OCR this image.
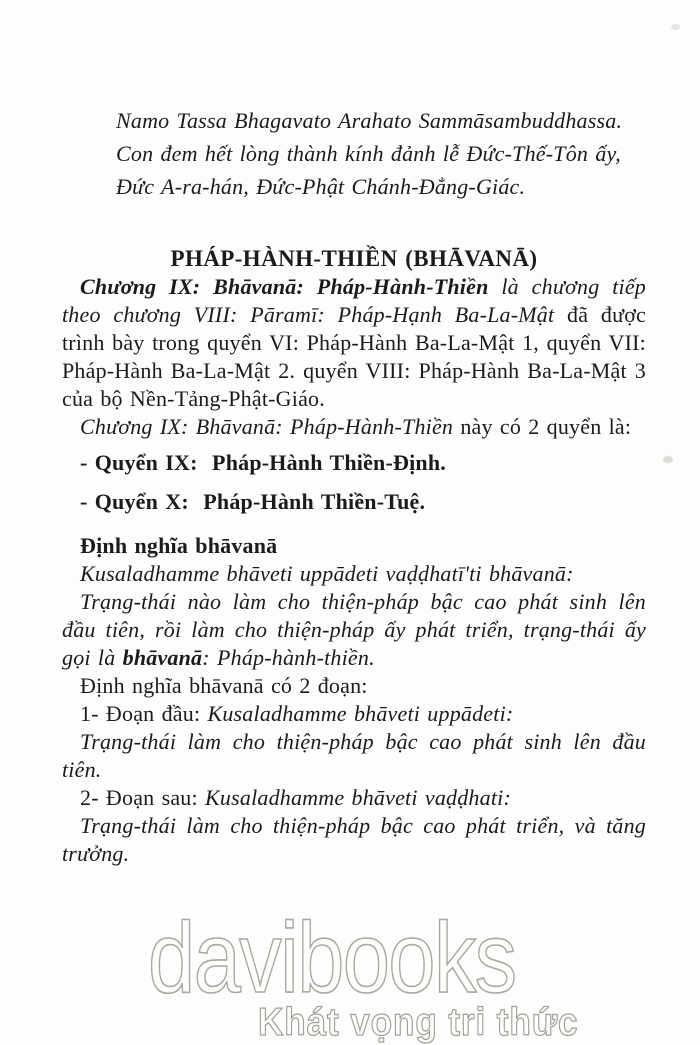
davibooks
Khát vọng tri thức
Namo Tassa Bhagavato Arahato Sammāsambuddhassa.
Con đem hết lòng thành kính đảnh lễ Đức-Thế-Tôn ấy,
Đức A-ra-hán, Đức-Phật Chánh-Đẳng-Giác.
PHÁP-HÀNH-THIỀN (BHĀVANĀ)

Chương IX: Bhāvanā: Pháp-Hành-Thiền là chương tiếp theo chương VIII: Pāramī: Pháp-Hạnh Ba-La-Mật đã được trình bày trong quyển VI: Pháp-Hành Ba-La-Mật 1, quyển VII: Pháp-Hành Ba-La-Mật 2. quyển VIII: Pháp-Hành Ba-La-Mật 3 của bộ Nền-Tảng-Phật-Giáo.

Chương IX: Bhāvanā: Pháp-Hành-Thiền này có 2 quyển là:

- Quyển IX:  Pháp-Hành Thiền-Định.

- Quyển X:  Pháp-Hành Thiền-Tuệ.

Định nghĩa bhāvanā

Kusaladhamme bhāveti uppādeti vaḍḍhatī'ti bhāvanā:

Trạng-thái nào làm cho thiện-pháp bậc cao phát sinh lên đầu tiên, rồi làm cho thiện-pháp ấy phát triển, trạng-thái ấy gọi là bhāvanā: Pháp-hành-thiền.

Định nghĩa bhāvanā có 2 đoạn:

1- Đoạn đầu: Kusaladhamme bhāveti uppādeti:

Trạng-thái làm cho thiện-pháp bậc cao phát sinh lên đầu tiên.

2- Đoạn sau: Kusaladhamme bhāveti vaḍḍhati:

Trạng-thái làm cho thiện-pháp bậc cao phát triển, và tăng trưởng.
